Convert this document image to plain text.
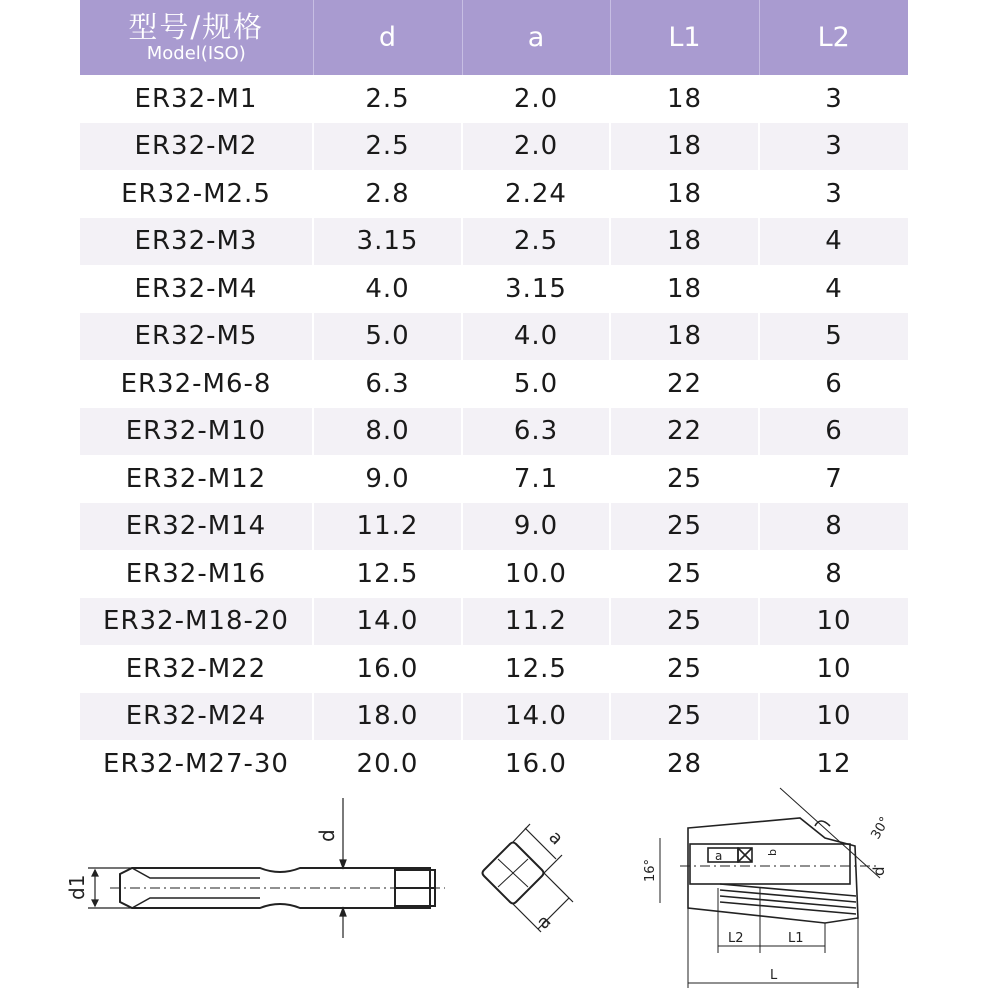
型号/规格
Model(ISO)	d	a	L1	L2
ER32-M1	2.5	2.0	18	3
ER32-M2	2.5	2.0	18	3
ER32-M2.5	2.8	2.24	18	3
ER32-M3	3.15	2.5	18	4
ER32-M4	4.0	3.15	18	4
ER32-M5	5.0	4.0	18	5
ER32-M6-8	6.3	5.0	22	6
ER32-M10	8.0	6.3	22	6
ER32-M12	9.0	7.1	25	7
ER32-M14	11.2	9.0	25	8
ER32-M16	12.5	10.0	25	8
ER32-M18-20	14.0	11.2	25	10
ER32-M22	16.0	12.5	25	10
ER32-M24	18.0	14.0	25	10
ER32-M27-30	20.0	16.0	28	12
d1
d	a
a
16°
30°
d
a	b
L2	L1
L
